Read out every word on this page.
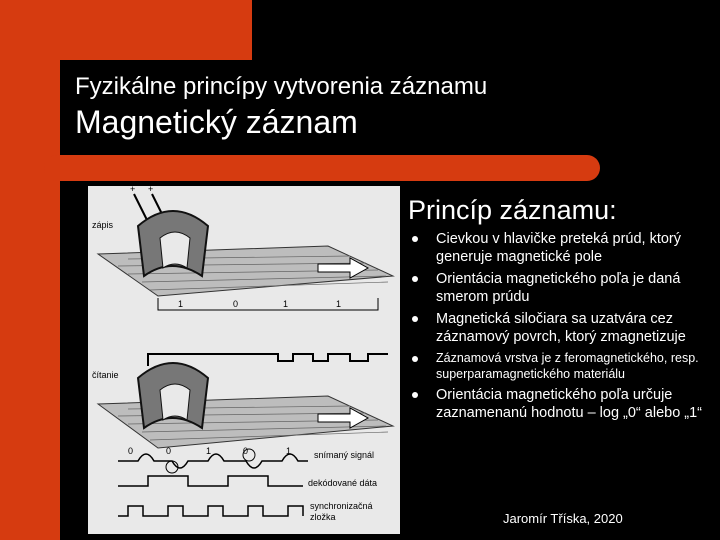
Fyzikálne princípy vytvorenia záznamu
Magnetický záznam
zápis
+ +
1	0	1	1
čítanie
0	0	1	0	1	snímaný signál
dekódované dáta
synchronizačná
zložka
Princíp záznamu:
Cievkou v hlavičke preteká prúd, ktorý generuje magnetické pole
Orientácia magnetického poľa je daná smerom prúdu
Magnetická siločiara sa uzatvára cez záznamový povrch, ktorý zmagnetizuje
Záznamová vrstva je z feromagnetického, resp. superparamagnetického materiálu
Orientácia magnetického poľa určuje zaznamenanú hodnotu – log „0“ alebo „1“
Jaromír Tříska, 2020
